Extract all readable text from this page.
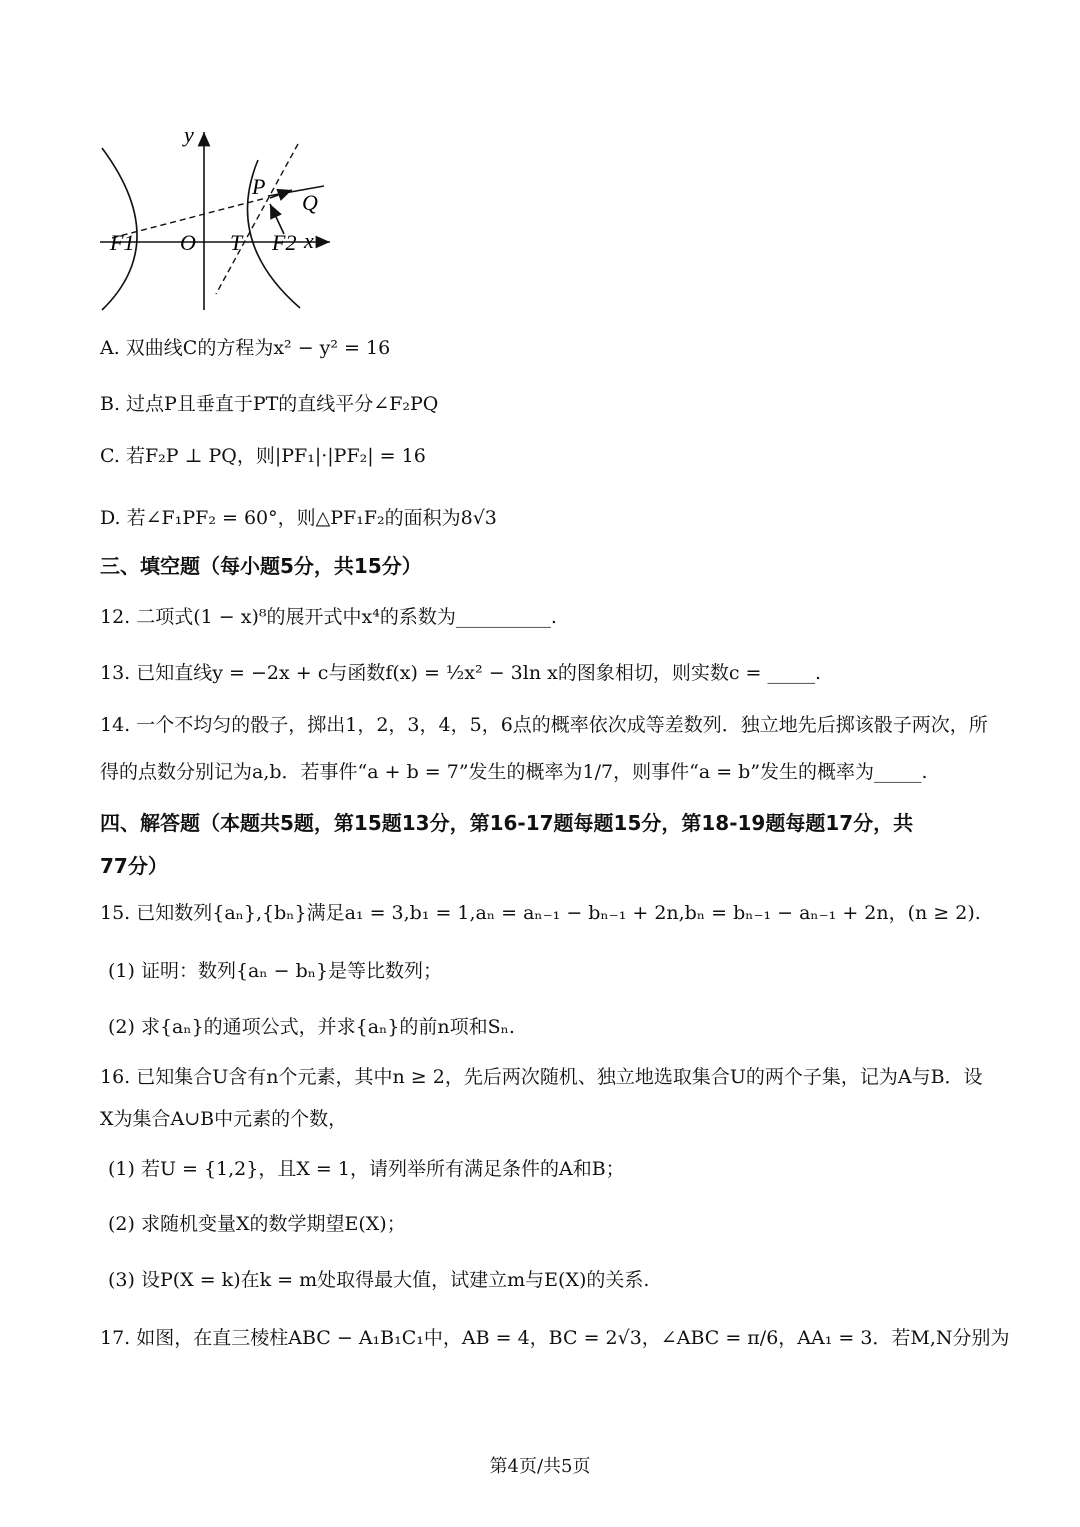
y
P
Q
F1 O T F2 x
A. 双曲线C的方程为x² − y² = 16
B. 过点P且垂直于PT的直线平分∠F₂PQ
C. 若F₂P ⊥ PQ，则|PF₁|·|PF₂| = 16
D. 若∠F₁PF₂ = 60°，则△PF₁F₂的面积为8√3
三、填空题（每小题5分，共15分）
12. 二项式(1 − x)⁸的展开式中x⁴的系数为__________.
13. 已知直线y = −2x + c与函数f(x) = ½x² − 3ln x的图象相切，则实数c = _____.
14. 一个不均匀的骰子，掷出1，2，3，4，5，6点的概率依次成等差数列．独立地先后掷该骰子两次，所
得的点数分别记为a,b．若事件“a + b = 7”发生的概率为1/7，则事件“a = b”发生的概率为_____.
四、解答题（本题共5题，第15题13分，第16-17题每题15分，第18-19题每题17分，共
77分）
15. 已知数列{aₙ},{bₙ}满足a₁ = 3,b₁ = 1,aₙ = aₙ₋₁ − bₙ₋₁ + 2n,bₙ = bₙ₋₁ − aₙ₋₁ + 2n，(n ≥ 2).
(1) 证明：数列{aₙ − bₙ}是等比数列；
(2) 求{aₙ}的通项公式，并求{aₙ}的前n项和Sₙ.
16. 已知集合U含有n个元素，其中n ≥ 2，先后两次随机、独立地选取集合U的两个子集，记为A与B．设
X为集合A∪B中元素的个数，
(1) 若U = {1,2}，且X = 1，请列举所有满足条件的A和B；
(2) 求随机变量X的数学期望E(X)；
(3) 设P(X = k)在k = m处取得最大值，试建立m与E(X)的关系.
17. 如图，在直三棱柱ABC − A₁B₁C₁中，AB = 4，BC = 2√3，∠ABC = π/6，AA₁ = 3．若M,N分别为
第4页/共5页
